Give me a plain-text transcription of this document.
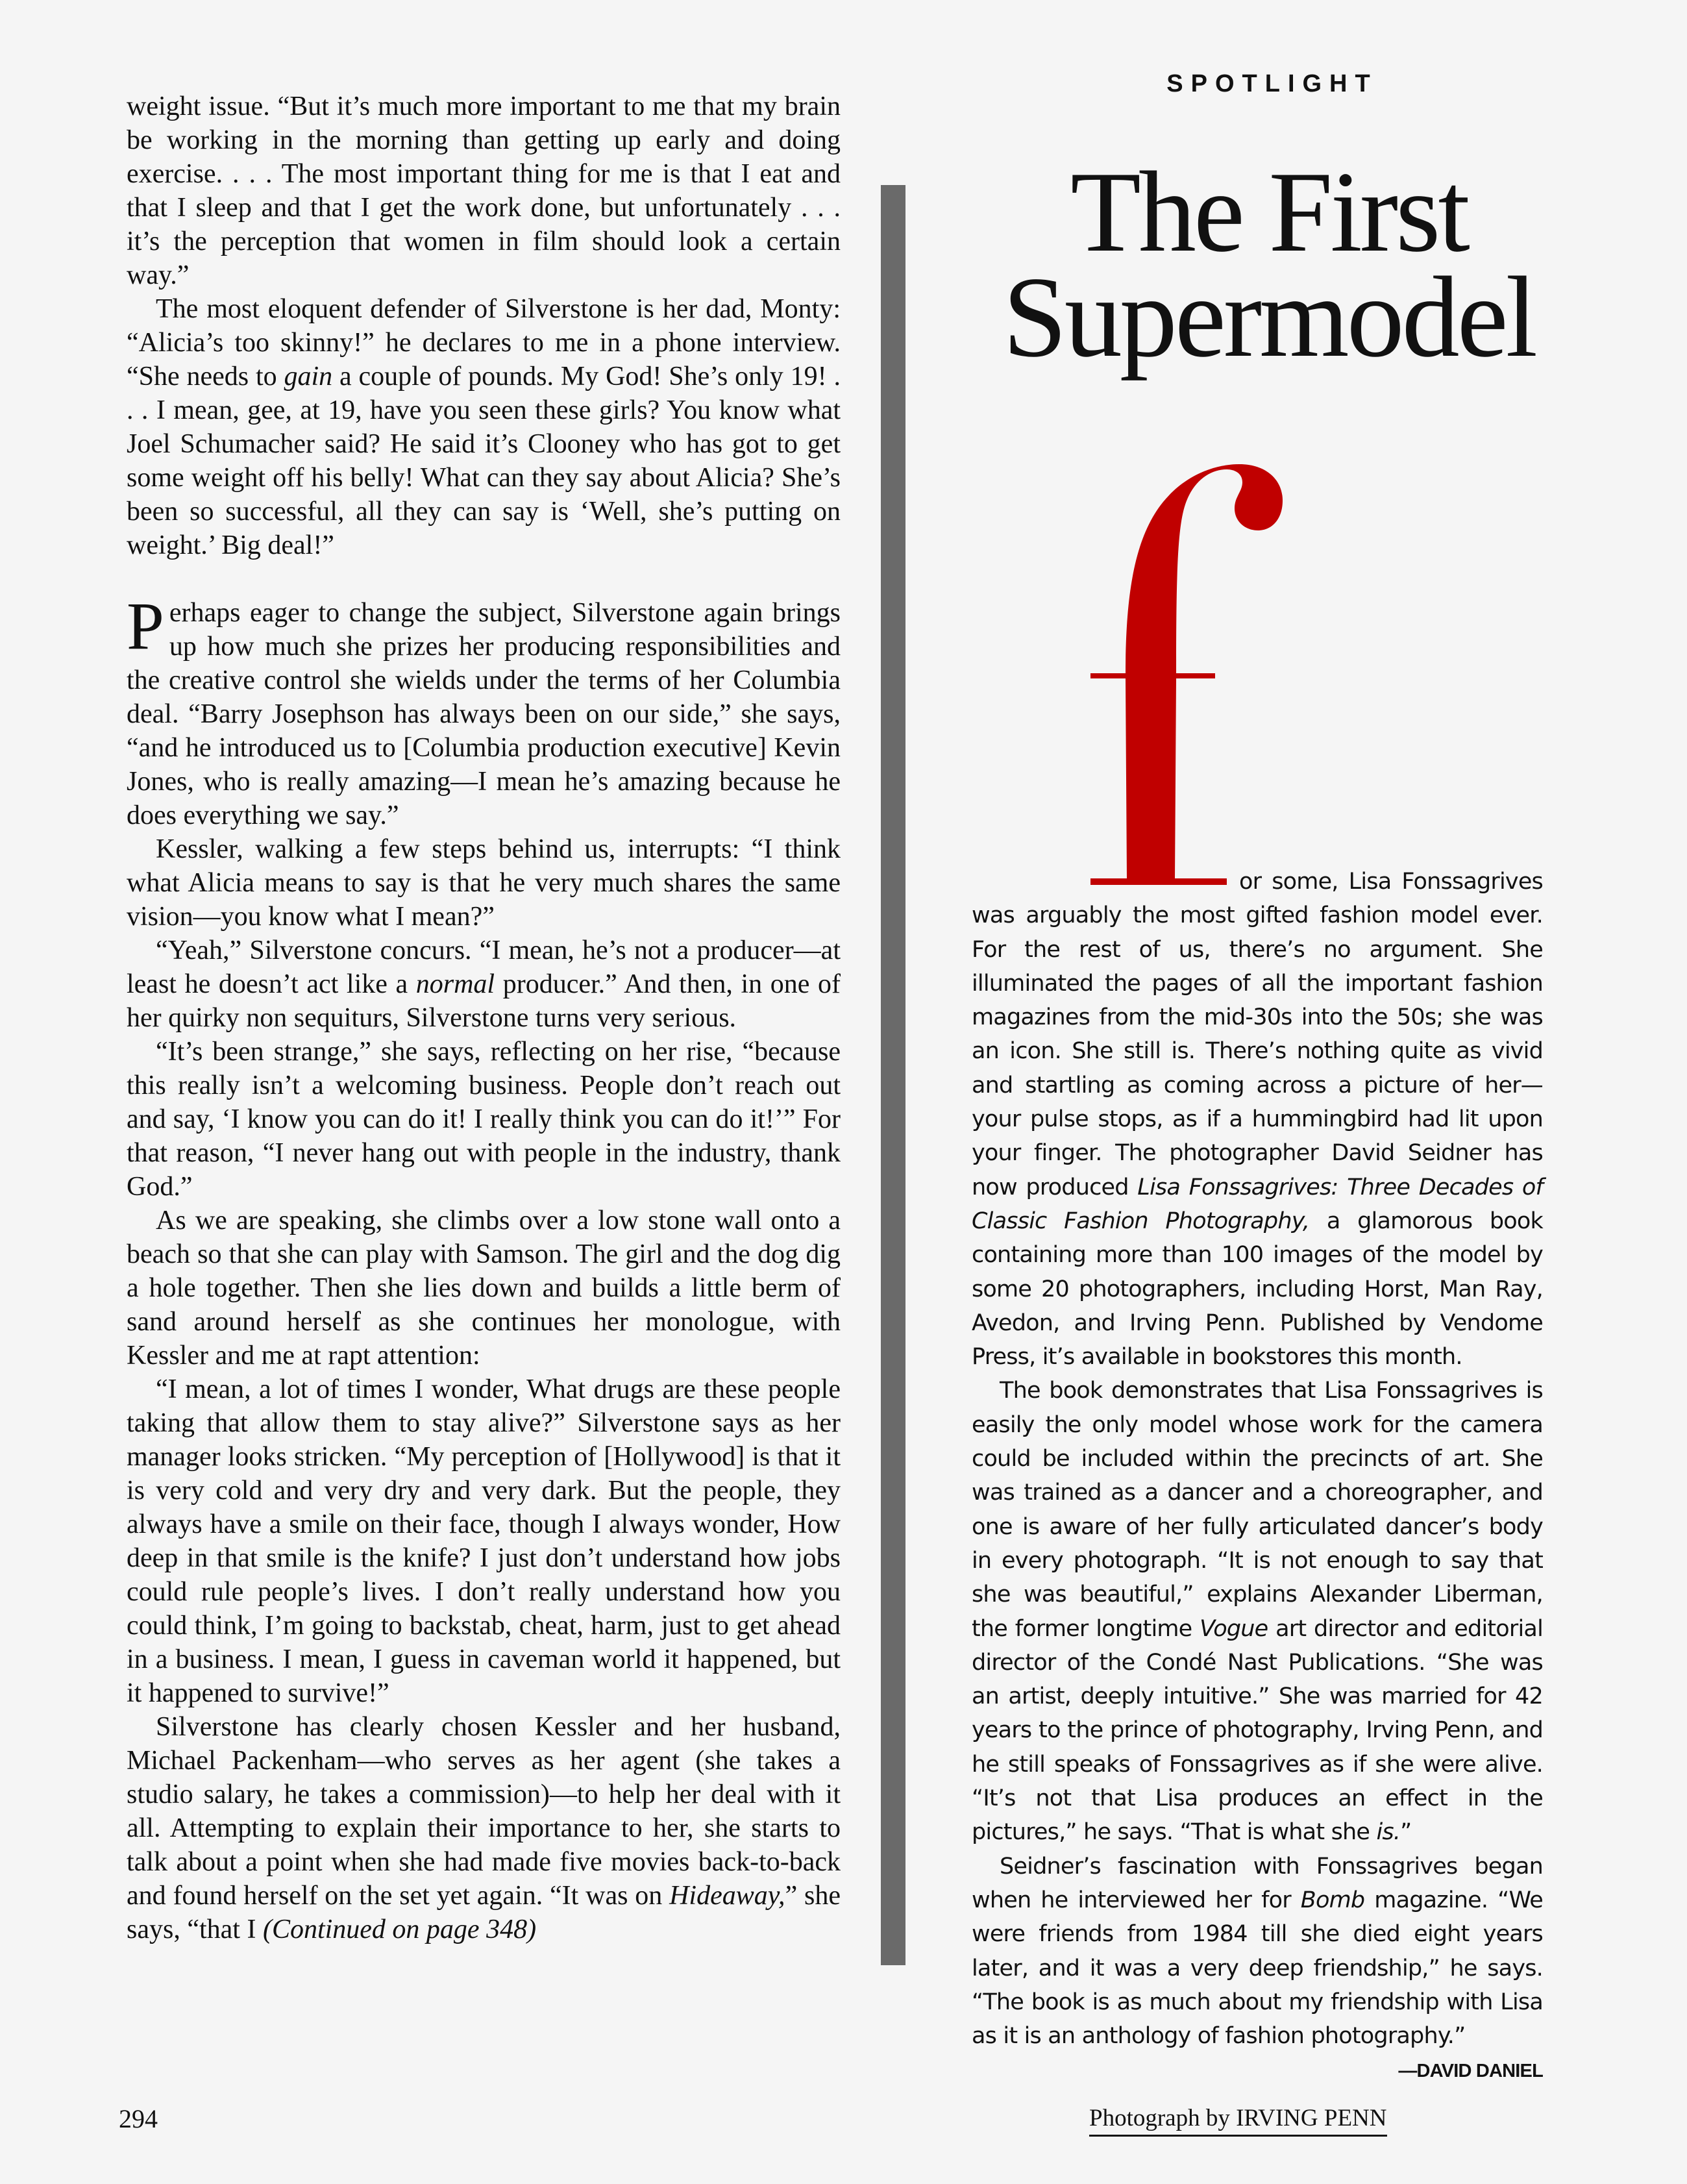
weight issue. “But it’s much more important to me that my brain be working in the morning than getting up early and doing exercise. . . . The most important thing for me is that I eat and that I sleep and that I get the work done, but unfortunately . . . it’s the perception that women in film should look a certain way.”

The most eloquent defender of Silverstone is her dad, Monty: “Alicia’s too skinny!” he declares to me in a phone interview. “She needs to gain a couple of pounds. My God! She’s only 19! . . . I mean, gee, at 19, have you seen these girls? You know what Joel Schumacher said? He said it’s Clooney who has got to get some weight off his belly! What can they say about Alicia? She’s been so successful, all they can say is ‘Well, she’s putting on weight.’ Big deal!”

Perhaps eager to change the subject, Silverstone again brings up how much she prizes her producing responsibilities and the creative control she wields under the terms of her Columbia deal. “Barry Josephson has always been on our side,” she says, “and he introduced us to [Columbia production executive] Kevin Jones, who is really amazing—I mean he’s amazing because he does everything we say.”

Kessler, walking a few steps behind us, interrupts: “I think what Alicia means to say is that he very much shares the same vision—you know what I mean?”

“Yeah,” Silverstone concurs. “I mean, he’s not a producer—at least he doesn’t act like a normal producer.” And then, in one of her quirky non sequiturs, Silverstone turns very serious.

“It’s been strange,” she says, reflecting on her rise, “because this really isn’t a welcoming business. People don’t reach out and say, ‘I know you can do it! I really think you can do it!’” For that reason, “I never hang out with people in the industry, thank God.”

As we are speaking, she climbs over a low stone wall onto a beach so that she can play with Samson. The girl and the dog dig a hole together. Then she lies down and builds a little berm of sand around herself as she continues her monologue, with Kessler and me at rapt attention:

“I mean, a lot of times I wonder, What drugs are these people taking that allow them to stay alive?” Silverstone says as her manager looks stricken. “My perception of [Hollywood] is that it is very cold and very dry and very dark. But the people, they always have a smile on their face, though I always wonder, How deep in that smile is the knife? I just don’t understand how jobs could rule people’s lives. I don’t really understand how you could think, I’m going to backstab, cheat, harm, just to get ahead in a business. I mean, I guess in caveman world it happened, but it happened to survive!”

Silverstone has clearly chosen Kessler and her husband, Michael Packenham—who serves as her agent (she takes a studio salary, he takes a commission)—to help her deal with it all. Attempting to explain their importance to her, she starts to talk about a point when she had made five movies back-to-back and found herself on the set yet again. “It was on Hideaway,” she says, “that I (Continued on page 348)

SPOTLIGHT
The First
Supermodel

or some, Lisa Fonssagrives was arguably the most gifted fashion model ever. For the rest of us, there’s no argument. She illuminated the pages of all the important fashion magazines from the mid-30s into the 50s; she was an icon. She still is. There’s nothing quite as vivid and startling as coming across a picture of her—your pulse stops, as if a hummingbird had lit upon your finger. The photographer David Seidner has now produced Lisa Fonssagrives: Three Decades of Classic Fashion Photography, a glamorous book containing more than 100 images of the model by some 20 photographers, including Horst, Man Ray, Avedon, and Irving Penn. Published by Vendome Press, it’s available in bookstores this month.

The book demonstrates that Lisa Fonssagrives is easily the only model whose work for the camera could be included within the precincts of art. She was trained as a dancer and a choreographer, and one is aware of her fully articulated dancer’s body in every photograph. “It is not enough to say that she was beautiful,” explains Alexander Liberman, the former longtime Vogue art director and editorial director of the Condé Nast Publications. “She was an artist, deeply intuitive.” She was married for 42 years to the prince of photography, Irving Penn, and he still speaks of Fonssagrives as if she were alive. “It’s not that Lisa produces an effect in the pictures,” he says. “That is what she is.”

Seidner’s fascination with Fonssagrives began when he interviewed her for Bomb magazine. “We were friends from 1984 till she died eight years later, and it was a very deep friendship,” he says. “The book is as much about my friendship with Lisa as it is an anthology of fashion photography.”

—DAVID DANIEL
294	Photograph by IRVING PENN
